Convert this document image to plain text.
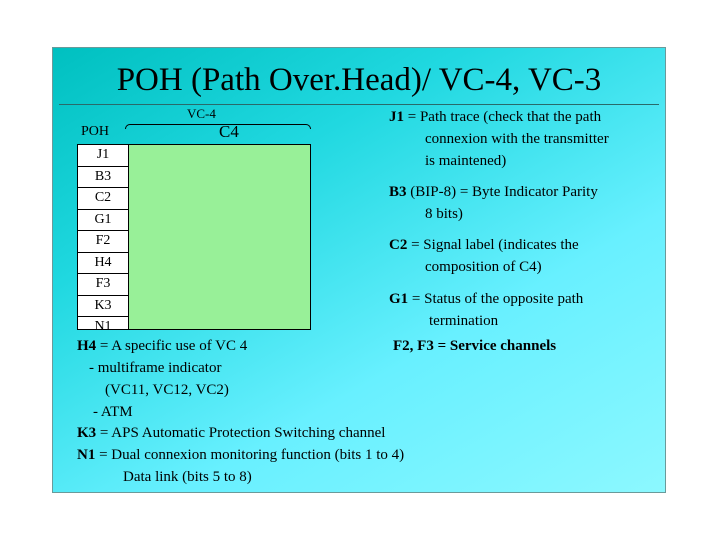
POH (Path Over.Head)/ VC-4, VC-3
VC-4
C4
POH
J1
B3
C2
G1
F2
H4
F3
K3
N1
J1 = Path trace (check that the path
connexion with the transmitter
is maintened)
B3 (BIP-8) = Byte Indicator Parity
8 bits)
C2 = Signal label (indicates the
composition of C4)
G1 = Status of the opposite path
termination
F2, F3 = Service channels
H4 = A specific use of VC 4
- multiframe indicator
(VC11, VC12, VC2)
- ATM
K3 = APS Automatic Protection Switching channel
N1 = Dual connexion monitoring function (bits 1 to 4)
Data link (bits 5 to 8)
